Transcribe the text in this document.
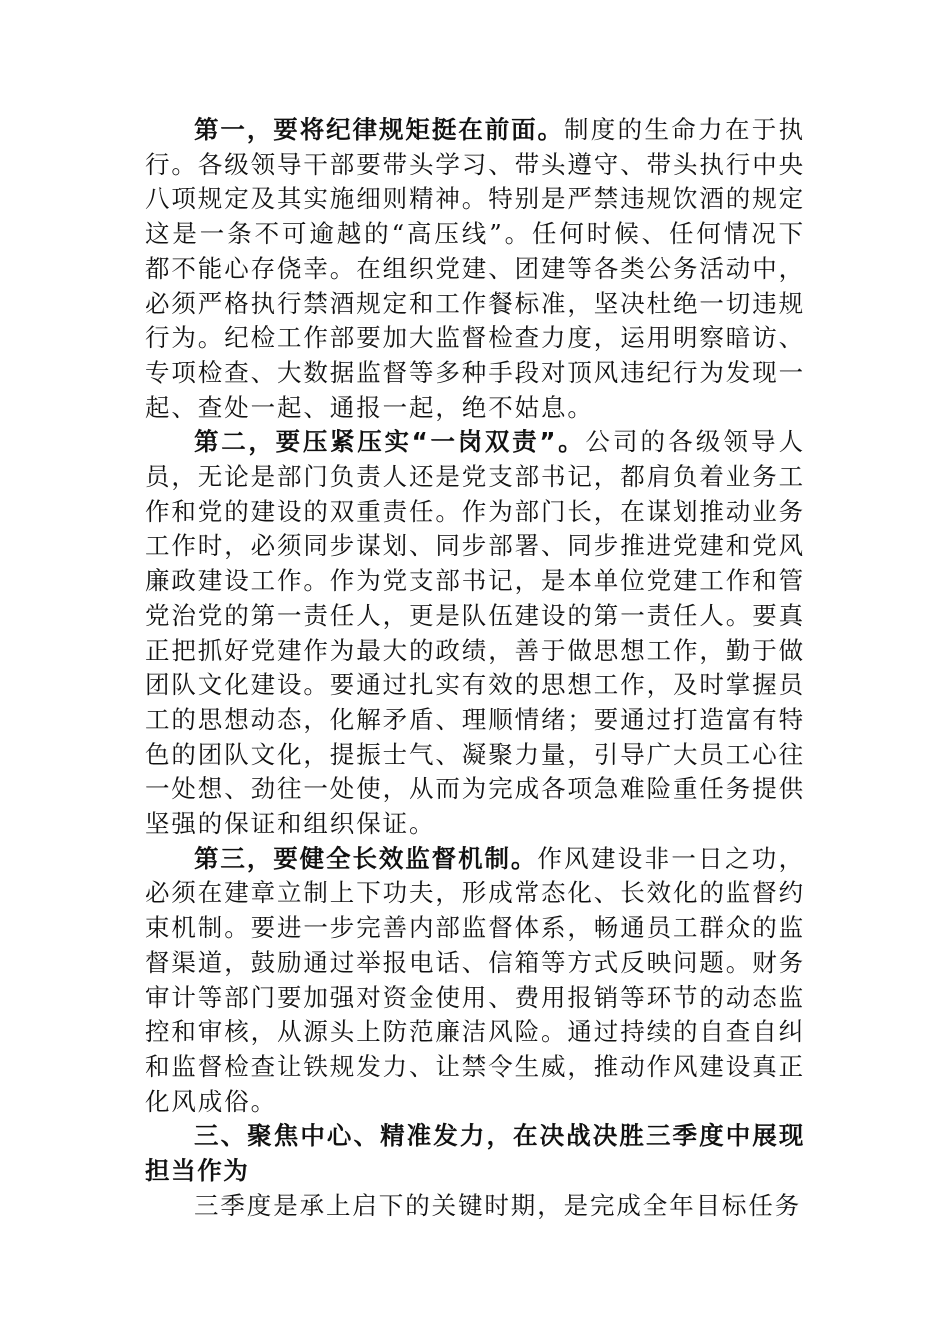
第一，要将纪律规矩挺在前面。制度的生命力在于执行。各级领导干部要带头学习、带头遵守、带头执行中央八项规定及其实施细则精神。特别是严禁违规饮酒的规定这是一条不可逾越的“高压线”。任何时候、任何情况下都不能心存侥幸。在组织党建、团建等各类公务活动中，必须严格执行禁酒规定和工作餐标准，坚决杜绝一切违规行为。纪检工作部要加大监督检查力度，运用明察暗访、专项检查、大数据监督等多种手段对顶风违纪行为发现一起、查处一起、通报一起，绝不姑息。

第二，要压紧压实“一岗双责”。公司的各级领导人员，无论是部门负责人还是党支部书记，都肩负着业务工作和党的建设的双重责任。作为部门长，在谋划推动业务工作时，必须同步谋划、同步部署、同步推进党建和党风廉政建设工作。作为党支部书记，是本单位党建工作和管党治党的第一责任人，更是队伍建设的第一责任人。要真正把抓好党建作为最大的政绩，善于做思想工作，勤于做团队文化建设。要通过扎实有效的思想工作，及时掌握员工的思想动态，化解矛盾、理顺情绪；要通过打造富有特色的团队文化，提振士气、凝聚力量，引导广大员工心往一处想、劲往一处使，从而为完成各项急难险重任务提供坚强的保证和组织保证。

第三，要健全长效监督机制。作风建设非一日之功，必须在建章立制上下功夫，形成常态化、长效化的监督约束机制。要进一步完善内部监督体系，畅通员工群众的监督渠道，鼓励通过举报电话、信箱等方式反映问题。财务审计等部门要加强对资金使用、费用报销等环节的动态监控和审核，从源头上防范廉洁风险。通过持续的自查自纠和监督检查让铁规发力、让禁令生威，推动作风建设真正化风成俗。

三、聚焦中心、精准发力，在决战决胜三季度中展现担当作为

三季度是承上启下的关键时期，是完成全年目标任务
